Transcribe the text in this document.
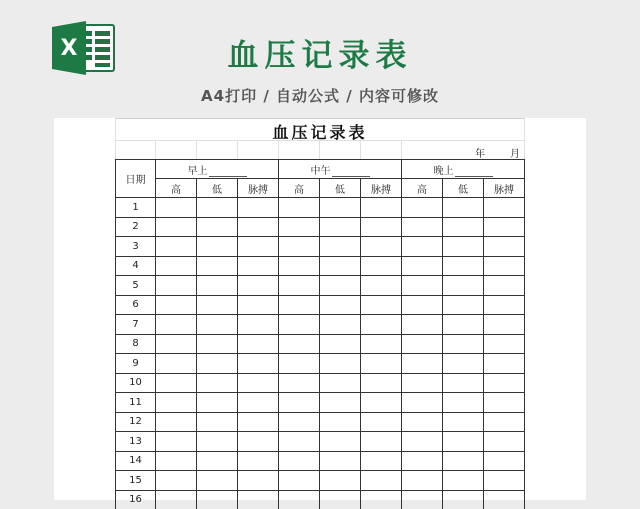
X	血压记录表
A4打印 / 自动公式 / 内容可修改
血压记录表
年	月
日期	早上			中午			晚上		
	高	低	脉搏	高	低	脉搏	高	低	脉搏
1									
2									
3									
4									
5									
6									
7									
8									
9									
10									
11									
12									
13									
14									
15									
16									
